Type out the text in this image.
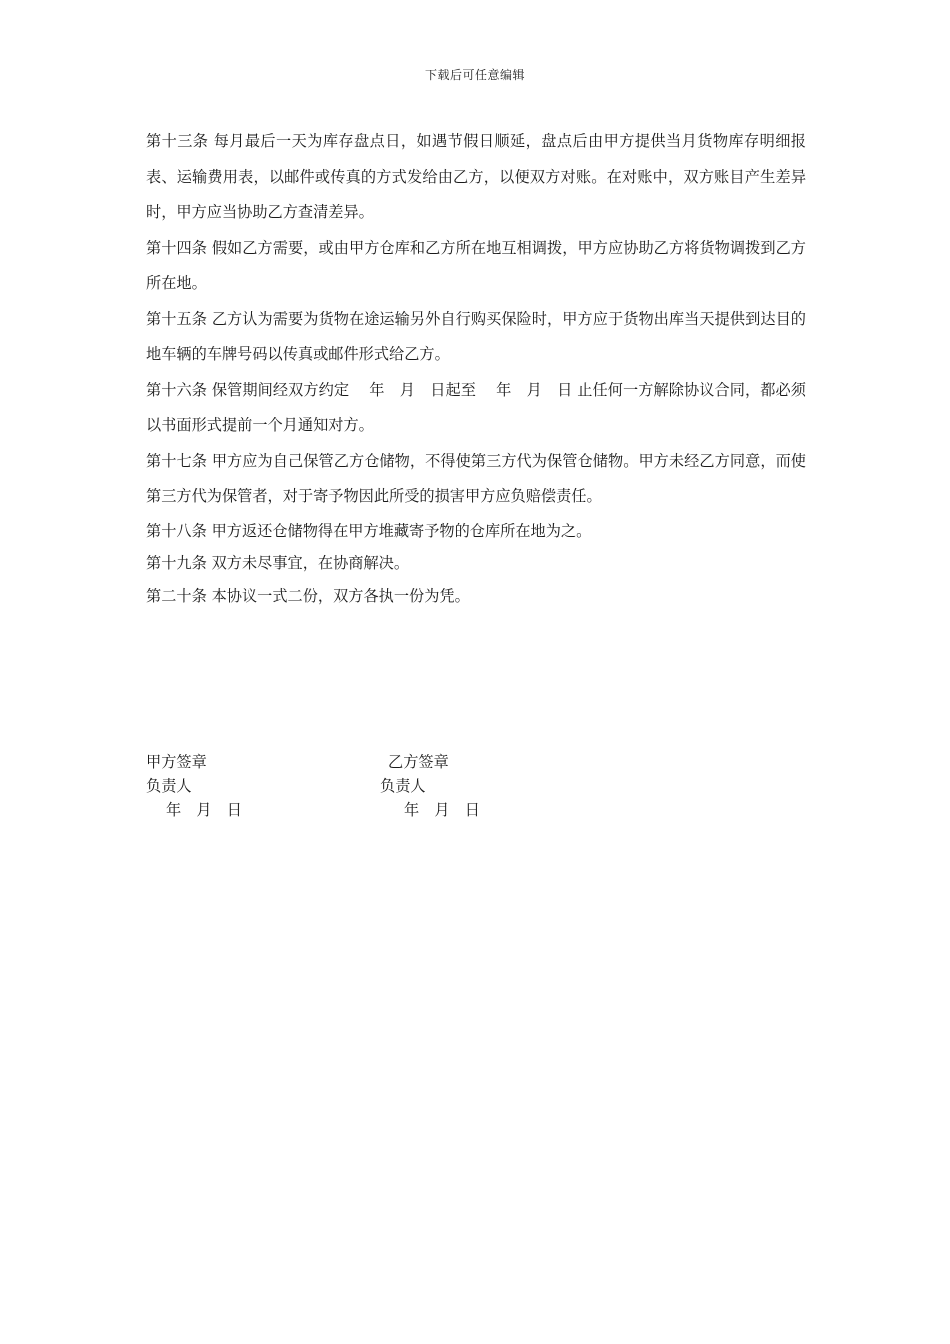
下载后可任意编辑

第十三条 每月最后一天为库存盘点日，如遇节假日顺延，盘点后由甲方提供当月货物库存明细报表、运输费用表，以邮件或传真的方式发给由乙方，以便双方对账。在对账中，双方账目产生差异时，甲方应当协助乙方查清差异。

第十四条 假如乙方需要，或由甲方仓库和乙方所在地互相调拨，甲方应协助乙方将货物调拨到乙方所在地。

第十五条 乙方认为需要为货物在途运输另外自行购买保险时，甲方应于货物出库当天提供到达目的地车辆的车牌号码以传真或邮件形式给乙方。

第十六条 保管期间经双方约定　 年　月　日起至　 年　月　日 止任何一方解除协议合同，都必须以书面形式提前一个月通知对方。

第十七条 甲方应为自己保管乙方仓储物，不得使第三方代为保管仓储物。甲方未经乙方同意，而使第三方代为保管者，对于寄予物因此所受的损害甲方应负赔偿责任。

第十八条 甲方返还仓储物得在甲方堆藏寄予物的仓库所在地为之。

第十九条 双方未尽事宜，在协商解决。

第二十条 本协议一式二份，双方各执一份为凭。

甲方签章
负责人
年　月　日
乙方签章
负责人
年　月　日
